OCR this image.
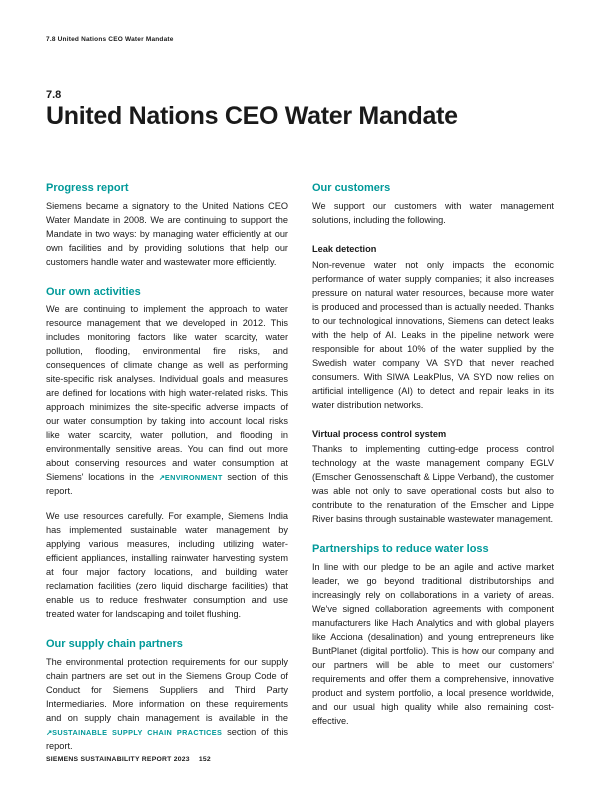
7.8 United Nations CEO Water Mandate
7.8
United Nations CEO Water Mandate
Progress report

Siemens became a signatory to the United Nations CEO Water Mandate in 2008. We are continuing to support the Mandate in two ways: by managing water efficiently at our own facilities and by providing solutions that help our customers handle water and wastewater more efficiently.

Our own activities

We are continuing to implement the approach to water resource management that we developed in 2012. This includes monitoring factors like water scarcity, water pollution, flooding, environmental fire risks, and consequences of climate change as well as performing site-specific risk analyses. Individual goals and measures are defined for locations with high water-related risks. This approach minimizes the site-specific adverse impacts of our water consumption by taking into account local risks like water scarcity, water pollution, and flooding in environmentally sensitive areas. You can find out more about conserving resources and water consumption at Siemens' locations in the ↗ENVIRONMENT section of this report.

We use resources carefully. For example, Siemens India has implemented sustainable water management by applying various measures, including utilizing water-efficient appliances, installing rainwater harvesting system at four major factory locations, and building water reclamation facilities (zero liquid discharge facilities) that enable us to reduce freshwater consumption and use treated water for landscaping and toilet flushing.

Our supply chain partners

The environmental protection requirements for our supply chain partners are set out in the Siemens Group Code of Conduct for Siemens Suppliers and Third Party Intermediaries. More information on these requirements and on supply chain management is available in the ↗SUSTAINABLE SUPPLY CHAIN PRACTICES section of this report.

Our customers

We support our customers with water management solutions, including the following.

Leak detection

Non-revenue water not only impacts the economic performance of water supply companies; it also increases pressure on natural water resources, because more water is produced and processed than is actually needed. Thanks to our technological innovations, Siemens can detect leaks with the help of AI. Leaks in the pipeline network were responsible for about 10% of the water supplied by the Swedish water company VA SYD that never reached consumers. With SIWA LeakPlus, VA SYD now relies on artificial intelligence (AI) to detect and repair leaks in its water distribution networks.

Virtual process control system

Thanks to implementing cutting-edge process control technology at the waste management company EGLV (Emscher Genossenschaft & Lippe Verband), the customer was able not only to save operational costs but also to contribute to the renaturation of the Emscher and Lippe River basins through sustainable wastewater management.

Partnerships to reduce water loss

In line with our pledge to be an agile and active market leader, we go beyond traditional distributorships and increasingly rely on collaborations in a variety of areas. We've signed collaboration agreements with component manufacturers like Hach Analytics and with global players like Acciona (desalination) and young entrepreneurs like BuntPlanet (digital portfolio). This is how our company and our partners will be able to meet our customers' requirements and offer them a comprehensive, innovative product and system portfolio, a local presence worldwide, and our usual high quality while also remaining cost-effective.

SIEMENS SUSTAINABILITY REPORT 2023 152
